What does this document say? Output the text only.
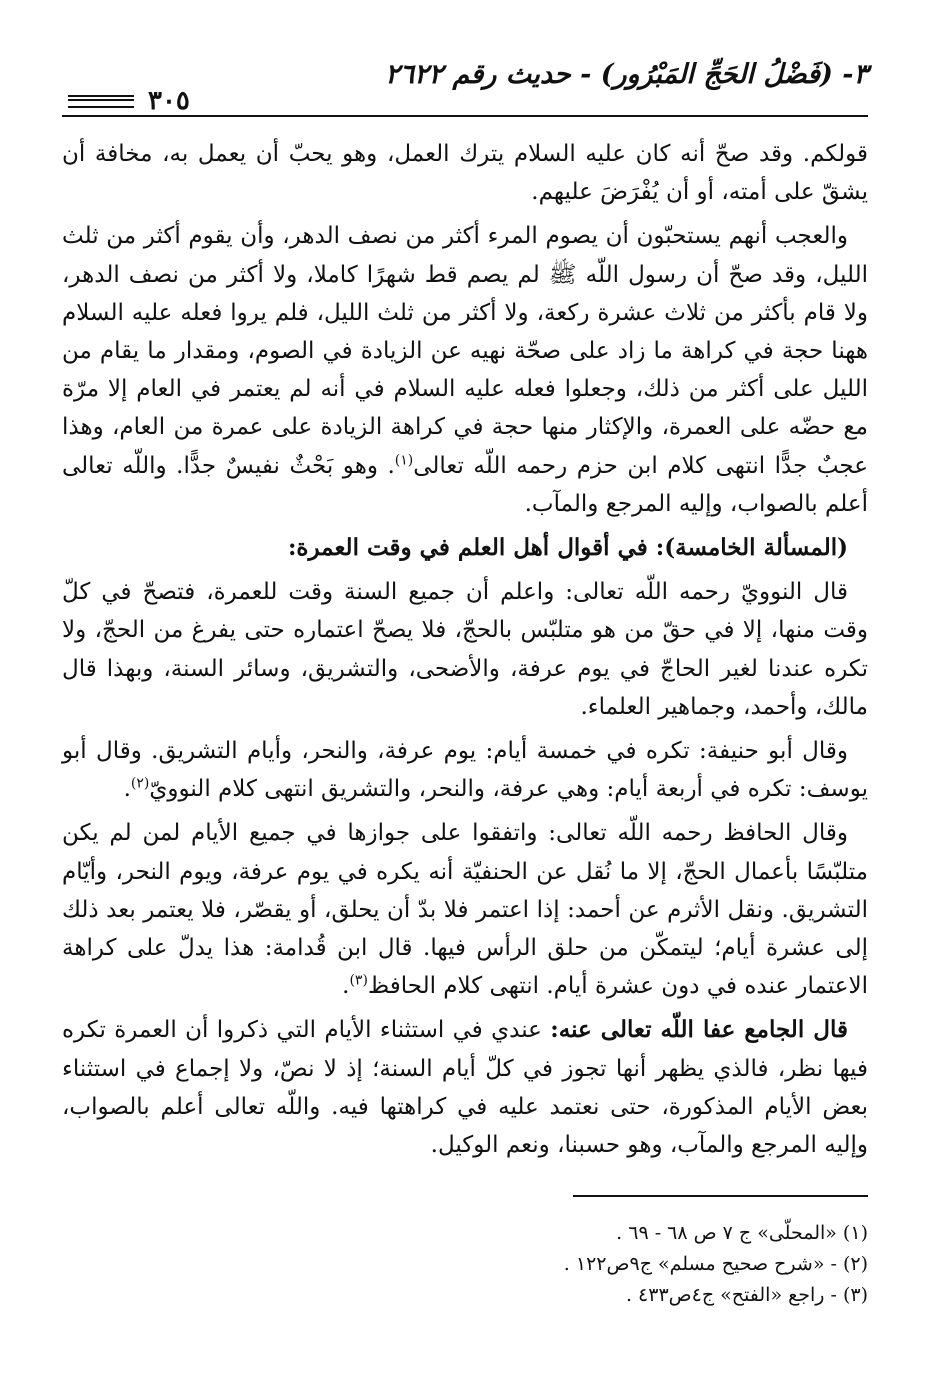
٣- (فَضْلُ الحَجِّ المَبْرُور) - حديث رقم ٢٦٢٢
٣٠٥

قولكم. وقد صحّ أنه كان عليه السلام يترك العمل، وهو يحبّ أن يعمل به، مخافة أن يشقّ على أمته، أو أن يُفْرَضَ عليهم.

والعجب أنهم يستحبّون أن يصوم المرء أكثر من نصف الدهر، وأن يقوم أكثر من ثلث الليل، وقد صحّ أن رسول اللّه ﷺ لم يصم قط شهرًا كاملا، ولا أكثر من نصف الدهر، ولا قام بأكثر من ثلاث عشرة ركعة، ولا أكثر من ثلث الليل، فلم يروا فعله عليه السلام ههنا حجة في كراهة ما زاد على صحّة نهيه عن الزيادة في الصوم، ومقدار ما يقام من الليل على أكثر من ذلك، وجعلوا فعله عليه السلام في أنه لم يعتمر في العام إلا مرّة مع حضّه على العمرة، والإكثار منها حجة في كراهة الزيادة على عمرة من العام، وهذا عجبٌ جدًّا انتهى كلام ابن حزم رحمه اللّه تعالى$^{(١)}$. وهو بَحْثٌ نفيسٌ جدًّا. واللّه تعالى أعلم بالصواب، وإليه المرجع والمآب.

(المسألة الخامسة): في أقوال أهل العلم في وقت العمرة:

قال النوويّ رحمه اللّه تعالى: واعلم أن جميع السنة وقت للعمرة، فتصحّ في كلّ وقت منها، إلا في حقّ من هو متلبّس بالحجّ، فلا يصحّ اعتماره حتى يفرغ من الحجّ، ولا تكره عندنا لغير الحاجّ في يوم عرفة، والأضحى، والتشريق، وسائر السنة، وبهذا قال مالك، وأحمد، وجماهير العلماء.

وقال أبو حنيفة: تكره في خمسة أيام: يوم عرفة، والنحر، وأيام التشريق. وقال أبو يوسف: تكره في أربعة أيام: وهي عرفة، والنحر، والتشريق انتهى كلام النوويّ$^{(٢)}$.

وقال الحافظ رحمه اللّه تعالى: واتفقوا على جوازها في جميع الأيام لمن لم يكن متلبّسًا بأعمال الحجّ، إلا ما نُقل عن الحنفيّة أنه يكره في يوم عرفة، ويوم النحر، وأيّام التشريق. ونقل الأثرم عن أحمد: إذا اعتمر فلا بدّ أن يحلق، أو يقصّر، فلا يعتمر بعد ذلك إلى عشرة أيام؛ ليتمكّن من حلق الرأس فيها. قال ابن قُدامة: هذا يدلّ على كراهة الاعتمار عنده في دون عشرة أيام. انتهى كلام الحافظ$^{(٣)}$.

قال الجامع عفا اللّه تعالى عنه: عندي في استثناء الأيام التي ذكروا أن العمرة تكره فيها نظر، فالذي يظهر أنها تجوز في كلّ أيام السنة؛ إذ لا نصّ، ولا إجماع في استثناء بعض الأيام المذكورة، حتى نعتمد عليه في كراهتها فيه. واللّه تعالى أعلم بالصواب، وإليه المرجع والمآب، وهو حسبنا، ونعم الوكيل.

(١) «المحلّى» ج ٧ ص ٦٨ - ٦٩ .

(٢) - «شرح صحيح مسلم» ج٩ص١٢٢ .

(٣) - راجع «الفتح» ج٤ص٤٣٣ .
